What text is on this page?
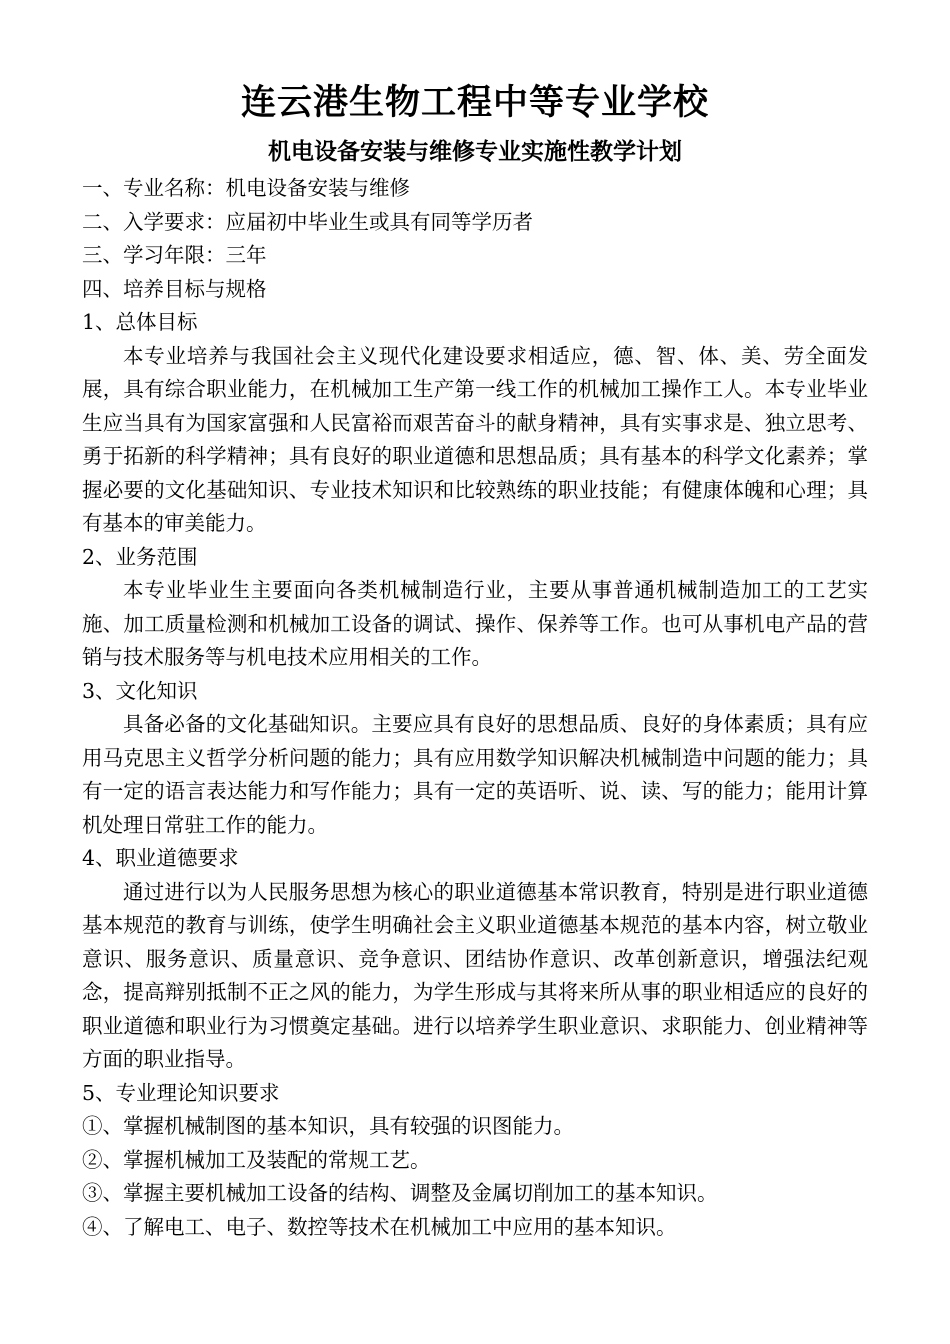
连云港生物工程中等专业学校
机电设备安装与维修专业实施性教学计划

一、专业名称：机电设备安装与维修

二、入学要求：应届初中毕业生或具有同等学历者

三、学习年限：三年

四、培养目标与规格

1、总体目标

本专业培养与我国社会主义现代化建设要求相适应，德、智、体、美、劳全面发展，具有综合职业能力，在机械加工生产第一线工作的机械加工操作工人。本专业毕业生应当具有为国家富强和人民富裕而艰苦奋斗的献身精神，具有实事求是、独立思考、勇于拓新的科学精神；具有良好的职业道德和思想品质；具有基本的科学文化素养；掌握必要的文化基础知识、专业技术知识和比较熟练的职业技能；有健康体魄和心理；具有基本的审美能力。

2、业务范围

本专业毕业生主要面向各类机械制造行业，主要从事普通机械制造加工的工艺实施、加工质量检测和机械加工设备的调试、操作、保养等工作。也可从事机电产品的营销与技术服务等与机电技术应用相关的工作。

3、文化知识

具备必备的文化基础知识。主要应具有良好的思想品质、良好的身体素质；具有应用马克思主义哲学分析问题的能力；具有应用数学知识解决机械制造中问题的能力；具有一定的语言表达能力和写作能力；具有一定的英语听、说、读、写的能力；能用计算机处理日常驻工作的能力。

4、职业道德要求

通过进行以为人民服务思想为核心的职业道德基本常识教育，特别是进行职业道德基本规范的教育与训练，使学生明确社会主义职业道德基本规范的基本内容，树立敬业意识、服务意识、质量意识、竞争意识、团结协作意识、改革创新意识，增强法纪观念，提高辩别抵制不正之风的能力，为学生形成与其将来所从事的职业相适应的良好的职业道德和职业行为习惯奠定基础。进行以培养学生职业意识、求职能力、创业精神等方面的职业指导。

5、专业理论知识要求

①、掌握机械制图的基本知识，具有较强的识图能力。

②、掌握机械加工及装配的常规工艺。

③、掌握主要机械加工设备的结构、调整及金属切削加工的基本知识。

④、了解电工、电子、数控等技术在机械加工中应用的基本知识。
